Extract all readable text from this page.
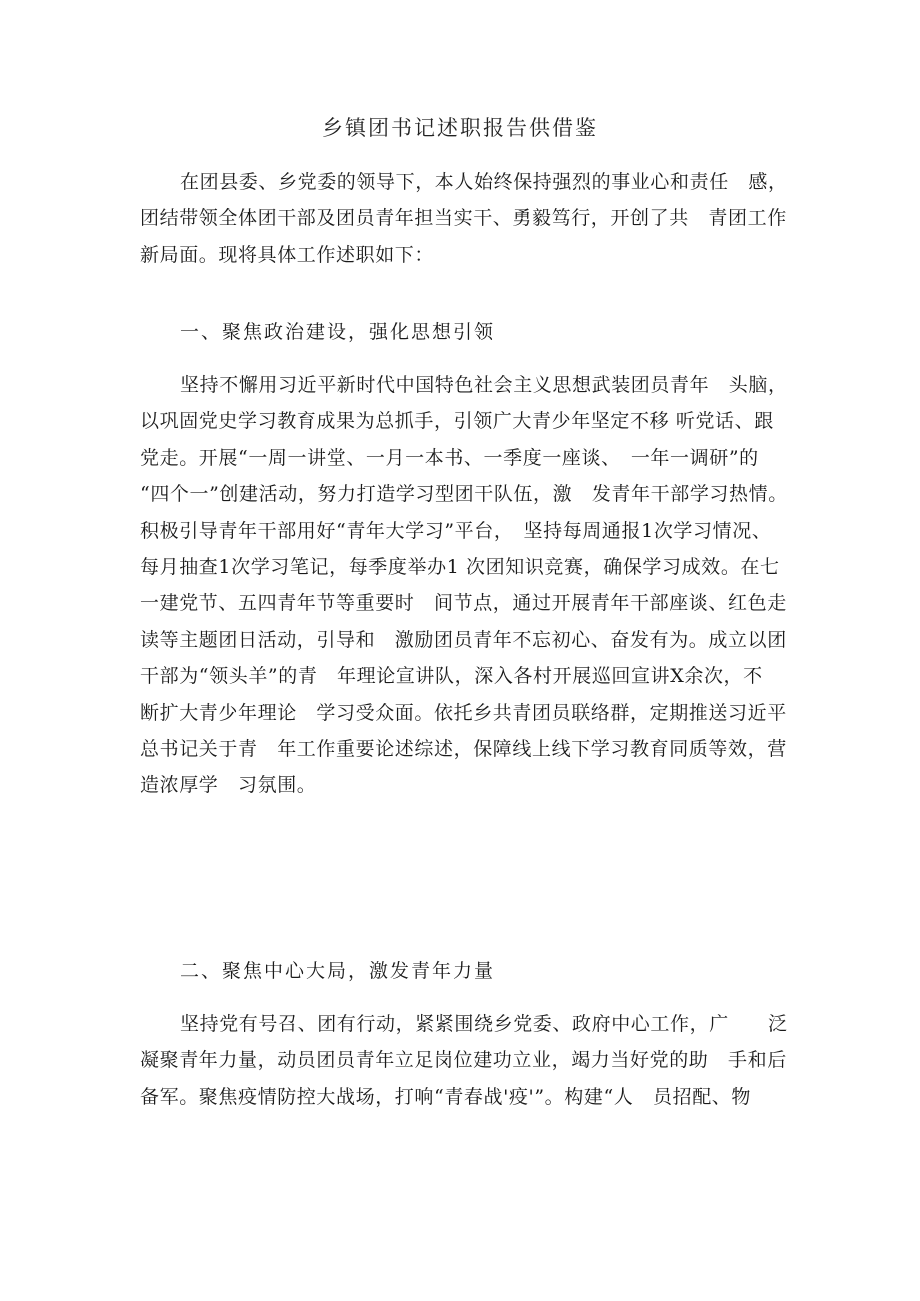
乡镇团书记述职报告供借鉴
在团县委、乡党委的领导下，本人始终保持强烈的事业心和责任　感，
团结带领全体团干部及团员青年担当实干、勇毅笃行，开创了共　青团工作
新局面。现将具体工作述职如下：
一、聚焦政治建设，强化思想引领
坚持不懈用习近平新时代中国特色社会主义思想武装团员青年　头脑，
以巩固党史学习教育成果为总抓手，引领广大青少年坚定不移 听党话、跟
党走。开展“一周一讲堂、一月一本书、一季度一座谈、　一年一调研”的
“四个一”创建活动，努力打造学习型团干队伍，激　发青年干部学习热情。
积极引导青年干部用好“青年大学习”平台，　坚持每周通报1次学习情况、
每月抽查1次学习笔记，每季度举办1 次团知识竞赛，确保学习成效。在七
一建党节、五四青年节等重要时　间节点，通过开展青年干部座谈、红色走
读等主题团日活动，引导和　激励团员青年不忘初心、奋发有为。成立以团
干部为“领头羊”的青　年理论宣讲队，深入各村开展巡回宣讲X余次，不
断扩大青少年理论　学习受众面。依托乡共青团员联络群，定期推送习近平
总书记关于青　年工作重要论述综述，保障线上线下学习教育同质等效，营
造浓厚学　习氛围。
二、聚焦中心大局，激发青年力量
坚持党有号召、团有行动，紧紧围绕乡党委、政府中心工作，广　　泛
凝聚青年力量，动员团员青年立足岗位建功立业，竭力当好党的助　手和后
备军。聚焦疫情防控大战场，打响“青春战'疫'”。构建“人　员招配、物
